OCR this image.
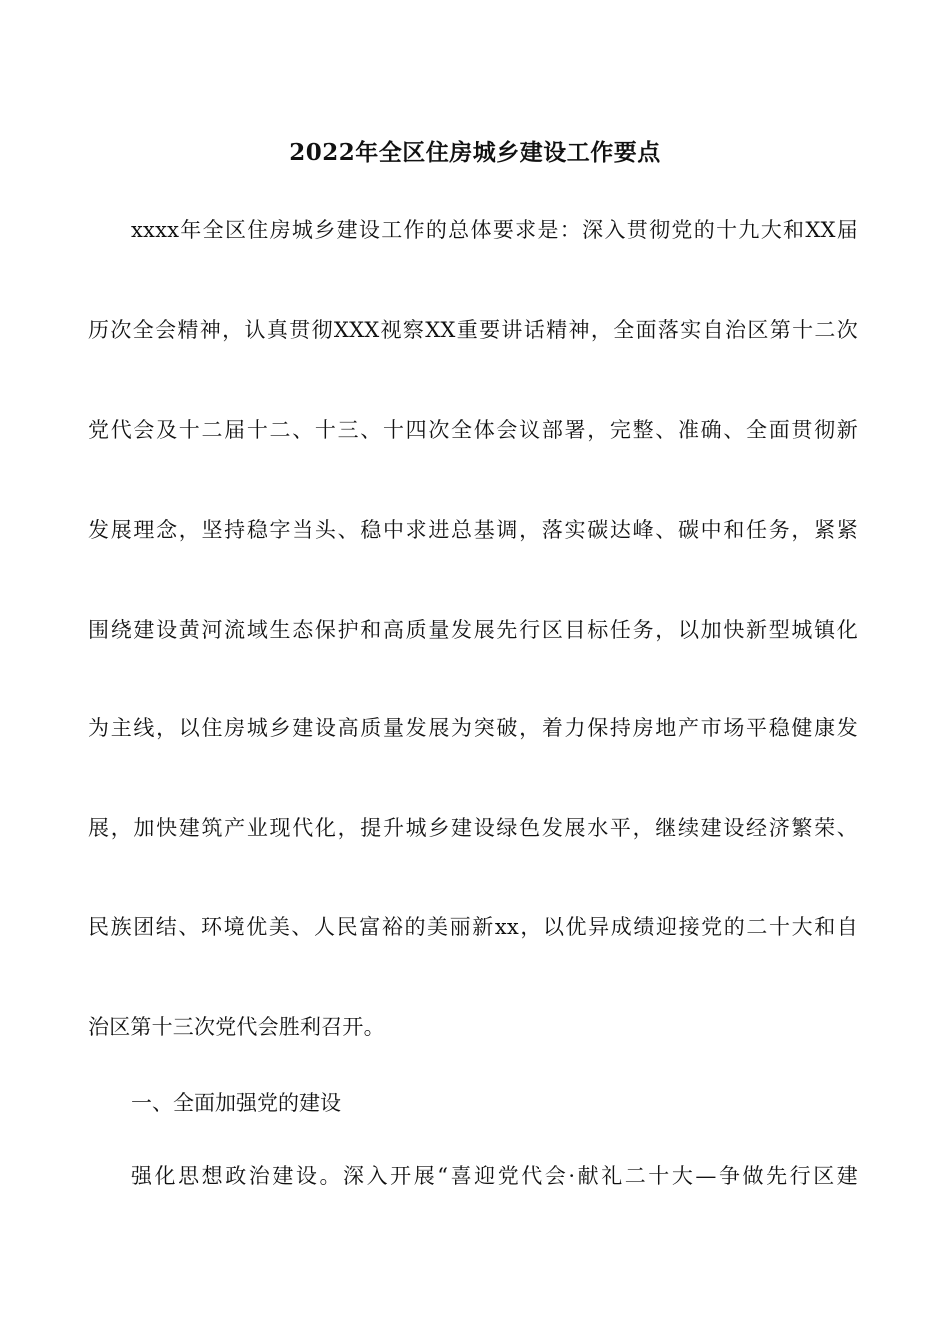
2022年全区住房城乡建设工作要点
xxxx年全区住房城乡建设工作的总体要求是：深入贯彻党的十九大和XX届
历次全会精神，认真贯彻XXX视察XX重要讲话精神，全面落实自治区第十二次
党代会及十二届十二、十三、十四次全体会议部署，完整、准确、全面贯彻新
发展理念，坚持稳字当头、稳中求进总基调，落实碳达峰、碳中和任务，紧紧
围绕建设黄河流域生态保护和高质量发展先行区目标任务，以加快新型城镇化
为主线，以住房城乡建设高质量发展为突破，着力保持房地产市场平稳健康发
展，加快建筑产业现代化，提升城乡建设绿色发展水平，继续建设经济繁荣、
民族团结、环境优美、人民富裕的美丽新xx，以优异成绩迎接党的二十大和自
治区第十三次党代会胜利召开。
一、全面加强党的建设
强化思想政治建设。深入开展“喜迎党代会·献礼二十大—争做先行区建
